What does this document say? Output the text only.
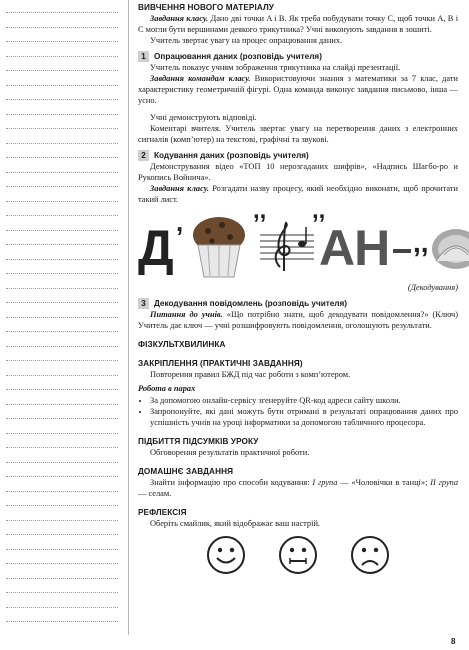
ВИВЧЕННЯ НОВОГО МАТЕРІАЛУ

Завдання класу. Дано дві точки A і B. Як треба побудувати точку C, щоб точки A, B і C могли бути вершинами деякого трикутника? Учні виконують завдання в зошиті.

Учитель звертає увагу на процес опрацювання даних.

1	Опрацювання даних (розповідь учителя)

Учитель показує учням зображення трикутника на слайді презентації.

Завдання командам класу. Використовуючи знання з математики за 7 клас, дати характеристику геометричній фігурі. Одна команда виконує завдання письмово, інша — усно.

Учні демонструють відповіді.

Коментарі вчителя. Учитель звертає увагу на перетворення даних з електронних сигналів (комп’ютер) на текстові, графічні та звукові.

2	Кодування даних (розповідь учителя)

Демонстрування відео «ТОП 10 нерозгаданих шифрів», «Надпись Шагбо-ро и Рукопись Войнича».

Завдання класу. Розгадати назву процесу, який необхідно виконати, щоб прочитати такий лист.

Д ,	,, ,,
АН ,,
(Декодування)
3	Декодування повідомлень (розповідь учителя)

Питання до учнів. «Що потрібно знати, щоб декодувати повідомлення?» (Ключ) Учитель дає ключ — учні розшифровують повідомлення, оголошують результати.

ФІЗКУЛЬТХВИЛИНКА

ЗАКРІПЛЕННЯ (ПРАКТИЧНІ ЗАВДАННЯ)

Повторення правил БЖД під час роботи з комп’ютером.

Робота в парах

• За допомогою онлайн-сервісу згенеруйте QR-код адреси сайту школи.
• Запропонуйте, які дані можуть бути отримані в результаті опрацювання даних про успішність учнів на уроці інформатики за допомогою табличного процесора.

ПІДБИТТЯ ПІДСУМКІВ УРОКУ

Обговорення результатів практичної роботи.

ДОМАШНЄ ЗАВДАННЯ

Знайти інформацію про способи кодування: I група — «Чоловічки в танці»; II група — селам.

РЕФЛЕКСІЯ

Оберіть смайлик, який відображає ваш настрій.

8
